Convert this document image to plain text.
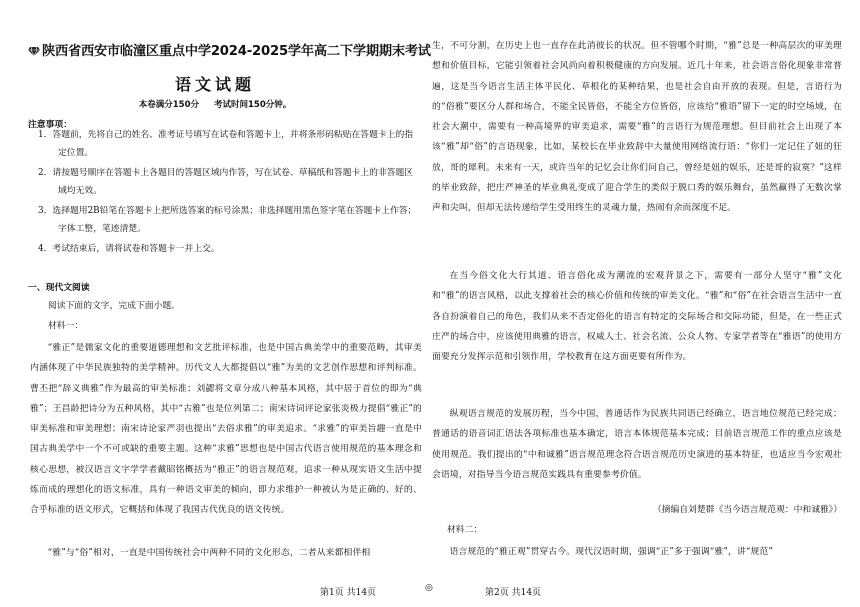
陕西省西安市临潼区重点中学2024-2025学年高二下学期期末考试
语文试题
本卷满分150分 考试时间150分钟。
注意事项：
1．答题前，先将自己的姓名、准考证号填写在试卷和答题卡上，并将条形码粘贴在答题卡上的指定位置。
2．请按题号顺序在答题卡上各题目的答题区域内作答，写在试卷、草稿纸和答题卡上的非答题区域均无效。
3．选择题用2B铅笔在答题卡上把所选答案的标号涂黑；非选择题用黑色签字笔在答题卡上作答；字体工整，笔迹清楚。
4．考试结束后，请将试卷和答题卡一并上交。
一、现代文阅读
阅读下面的文字，完成下面小题。
材料一：

“雅正”是儒家文化的重要道德理想和文艺批评标准，也是中国古典美学中的重要范畴，其审美内涵体现了中华民族独特的美学精神。历代文人大都提倡以“雅”为美的文艺创作思想和评判标准。曹丕把“辞义典雅”作为最高的审美标准；刘勰将文章分成八种基本风格，其中居于首位的即为“典雅”；王昌龄把诗分为五种风格，其中“古雅”也是位列第二；南宋诗词评论家张炎极力提倡“雅正”的审美标准和审美理想；南宋诗论家严羽也提出“去俗求雅”的审美追求。“求雅”的审美旨趣一直是中国古典美学中一个不可或缺的重要主题。这种“求雅”思想也是中国古代语言使用规范的基本理念和核心思想，被汉语言文字学学者戴昭铭概括为“雅正”的语言规范观，追求一种从现实语文生活中提炼而成的理想化的语文标准，具有一种语文审美的倾向，即力求维护一种被认为是正确的、好的、合乎标准的语文形式，它概括和体现了我国古代优良的语文传统。

“雅”与“俗”相对，一直是中国传统社会中两种不同的文化形态，二者从来都相伴相

生，不可分割，在历史上也一直存在此消彼长的状况。但不管哪个时期，“雅”总是一种高层次的审美理想和价值目标，它能引领着社会风尚向着积极健康的方向发展。近几十年来，社会语言俗化现象非常普遍，这是当今语言生活主体平民化、草根化的某种结果，也是社会自由开放的表现。但是，言语行为的“俗雅”要区分人群和场合，不能全民皆俗，不能全方位皆俗，应该给“雅语”留下一定的时空场域，在社会大潮中，需要有一种高境界的审美追求，需要“雅”的言语行为规范理想。但目前社会上出现了本该“雅”却“俗”的言语现象，比如，某校长在毕业致辞中大量使用网络流行语：“你们一定记住了妞的狂放，哥的犀利。未来有一天，或许当年的记忆会让你们问自己，曾经是妞的娱乐，还是哥的寂寞？”这样的毕业致辞，把庄严神圣的毕业典礼变成了迎合学生的类似于脱口秀的娱乐舞台，虽然赢得了无数次掌声和尖叫，但却无法传递给学生受用终生的灵魂力量，热闹有余而深度不足。

在当今俗文化大行其道、语言俗化成为潮流的宏观背景之下，需要有一部分人坚守“雅”文化和“雅”的语言风格，以此支撑着社会的核心价值和传统的审美文化。“雅”和“俗”在社会语言生活中一直各自扮演着自己的角色，我们从来不否定俗化的语言有特定的交际场合和交际功能，但是，在一些正式庄严的场合中，应该使用典雅的语言，权威人士、社会名流、公众人物、专家学者等在“雅语”的使用方面要充分发挥示范和引领作用，学校教育在这方面更要有所作为。

纵观语言规范的发展历程，当今中国，普通话作为民族共同语已经确立，语言地位规范已经完成；普通话的语音词汇语法各项标准也基本确定，语言本体规范基本完成；目前语言规范工作的重点应该是使用规范。我们提出的“中和诚雅”语言规范理念符合语言规范历史演进的基本特征，也适应当今宏观社会语境，对指导当今语言规范实践具有重要参考价值。

（摘编自刘楚群《当今语言规范观：中和诚雅》）
材料二：

语言规范的“雅正观”贯穿古今。现代汉语时期，强调“正”多于强调“雅”，讲“规范”

第1页 共14页	◎	第2页 共14页
